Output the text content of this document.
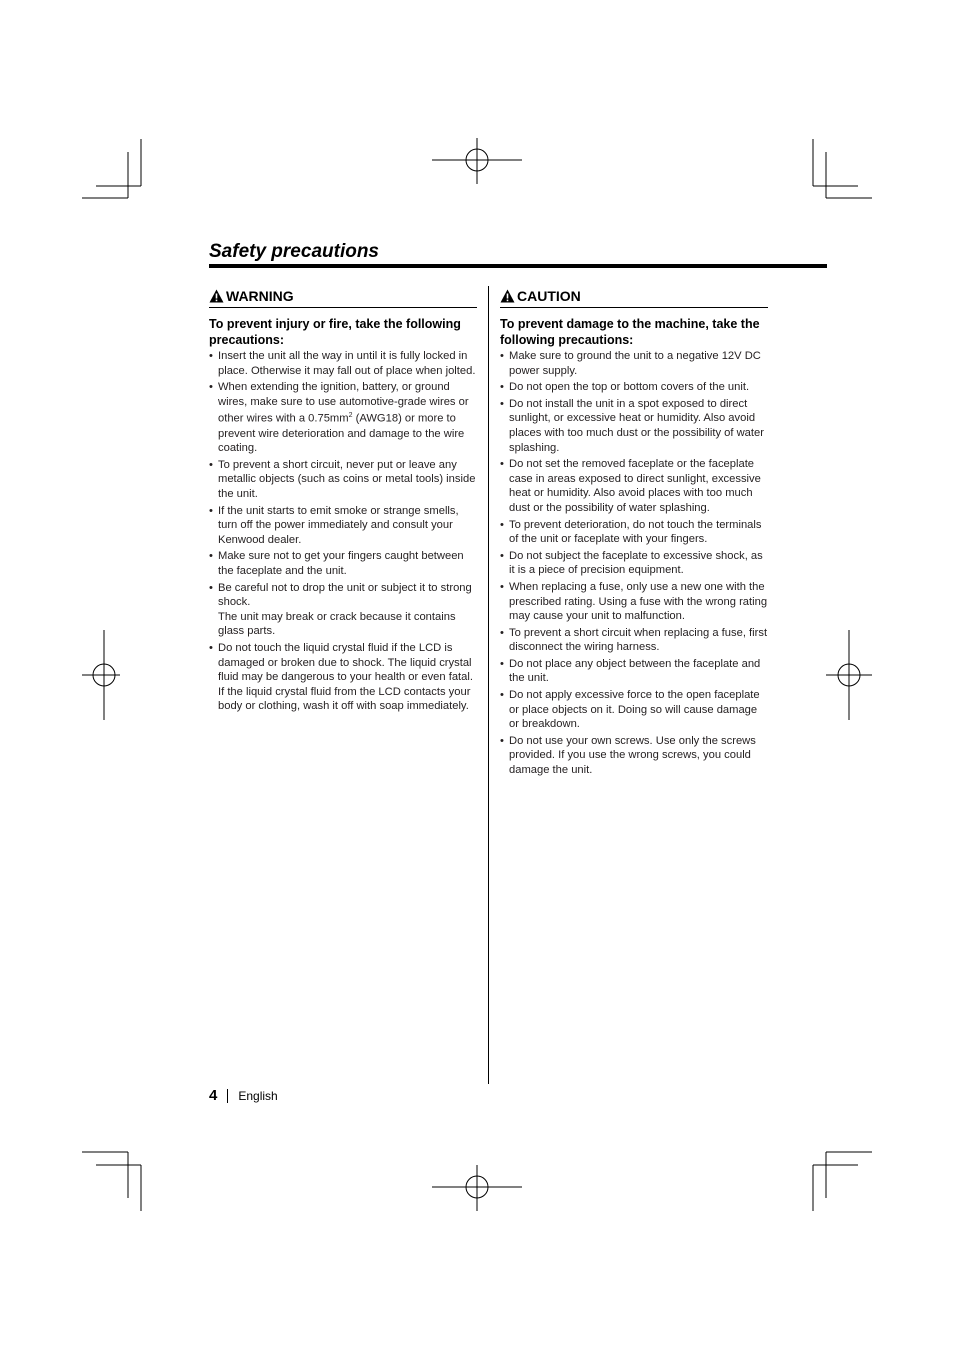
Safety precautions
WARNING

To prevent injury or fire, take the following precautions:

• Insert the unit all the way in until it is fully locked in place. Otherwise it may fall out of place when jolted.
• When extending the ignition, battery, or ground wires, make sure to use automotive-grade wires or other wires with a $0.75mm^2$ (AWG18) or more to prevent wire deterioration and damage to the wire coating.
• To prevent a short circuit, never put or leave any metallic objects (such as coins or metal tools) inside the unit.
• If the unit starts to emit smoke or strange smells, turn off the power immediately and consult your Kenwood dealer.
• Make sure not to get your fingers caught between the faceplate and the unit.
• Be careful not to drop the unit or subject it to strong shock.
The unit may break or crack because it contains glass parts.
• Do not touch the liquid crystal fluid if the LCD is damaged or broken due to shock. The liquid crystal fluid may be dangerous to your health or even fatal.
If the liquid crystal fluid from the LCD contacts your body or clothing, wash it off with soap immediately.
CAUTION

To prevent damage to the machine, take the following precautions:

• Make sure to ground the unit to a negative 12V DC power supply.
• Do not open the top or bottom covers of the unit.
• Do not install the unit in a spot exposed to direct sunlight, or excessive heat or humidity. Also avoid places with too much dust or the possibility of water splashing.
• Do not set the removed faceplate or the faceplate case in areas exposed to direct sunlight, excessive heat or humidity. Also avoid places with too much dust or the possibility of water splashing.
• To prevent deterioration, do not touch the terminals of the unit or faceplate with your fingers.
• Do not subject the faceplate to excessive shock, as it is a piece of precision equipment.
• When replacing a fuse, only use a new one with the prescribed rating. Using a fuse with the wrong rating may cause your unit to malfunction.
• To prevent a short circuit when replacing a fuse, first disconnect the wiring harness.
• Do not place any object between the faceplate and the unit.
• Do not apply excessive force to the open faceplate or place objects on it. Doing so will cause damage or breakdown.
• Do not use your own screws. Use only the screws provided. If you use the wrong screws, you could damage the unit.
4 English
